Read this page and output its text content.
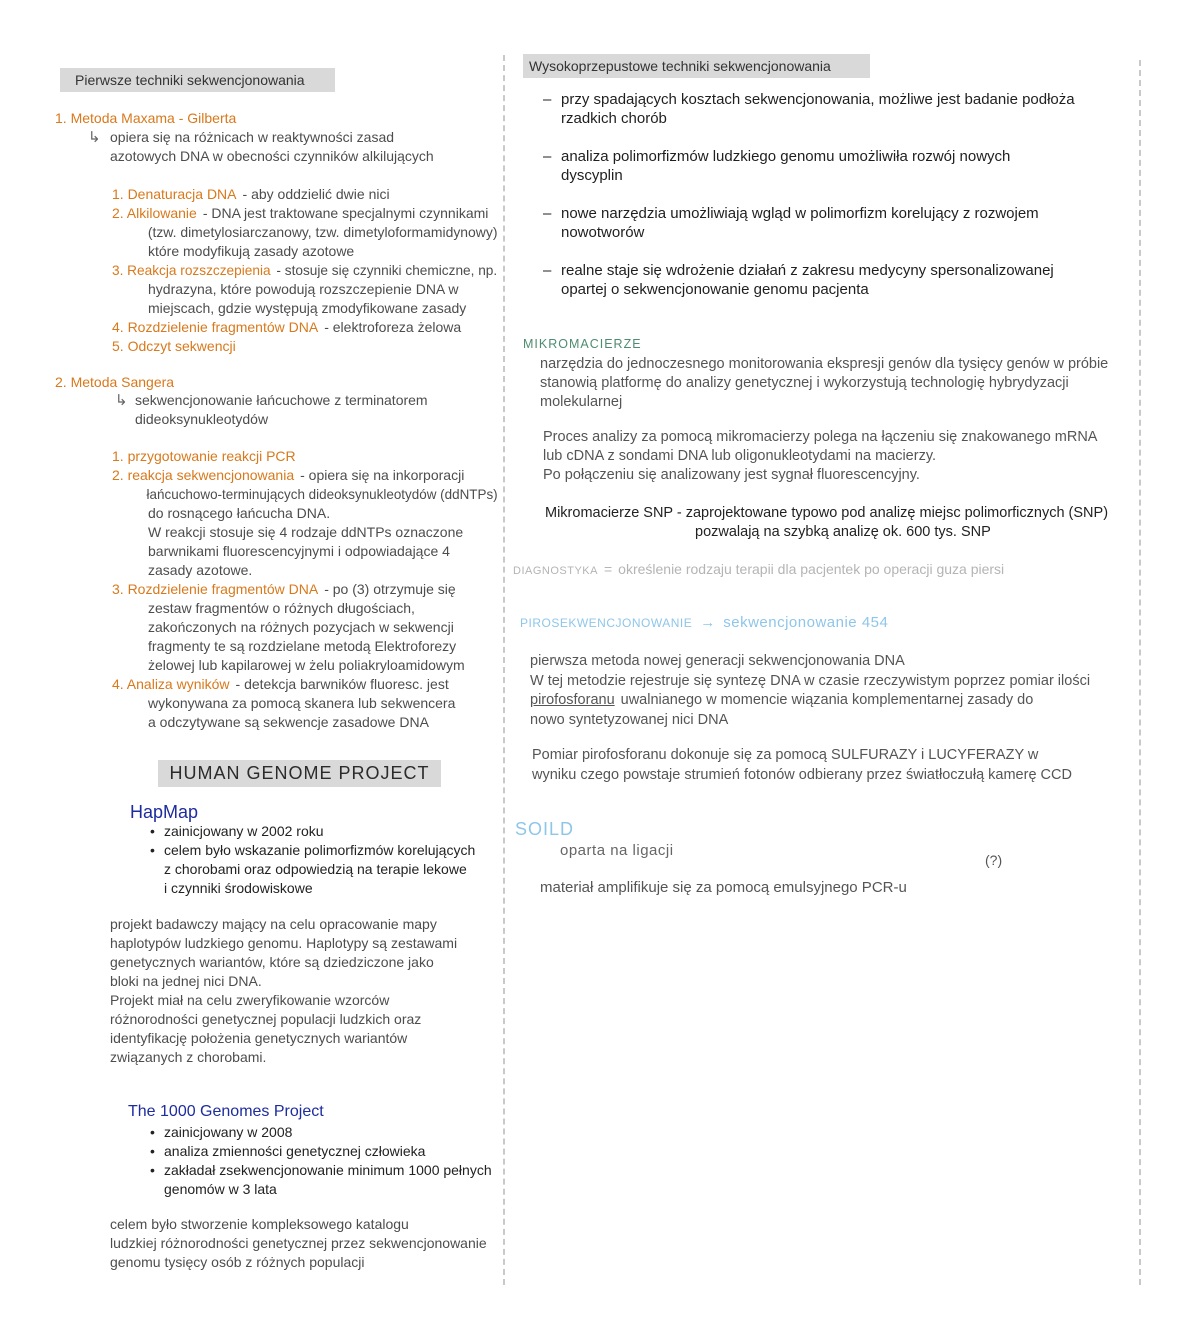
Pierwsze techniki sekwencjonowania
1. Metoda Maxama - Gilberta
↳ opiera się na różnicach w reaktywności zasad
azotowych DNA w obecności czynników alkilujących
1. Denaturacja DNA - aby oddzielić dwie nici
2. Alkilowanie - DNA jest traktowane specjalnymi czynnikami
(tzw. dimetylosiarczanowy, tzw. dimetyloformamidynowy)
które modyfikują zasady azotowe
3. Reakcja rozszczepienia - stosuje się czynniki chemiczne, np.
hydrazyna, które powodują rozszczepienie DNA w
miejscach, gdzie występują zmodyfikowane zasady
4. Rozdzielenie fragmentów DNA - elektroforeza żelowa
5. Odczyt sekwencji
2. Metoda Sangera
↳ sekwencjonowanie łańcuchowe z terminatorem
dideoksynukleotydów
1. przygotowanie reakcji PCR
2. reakcja sekwencjonowania - opiera się na inkorporacji
łańcuchowo-terminujących dideoksynukleotydów (ddNTPs)
do rosnącego łańcucha DNA.
W reakcji stosuje się 4 rodzaje ddNTPs oznaczone
barwnikami fluorescencyjnymi i odpowiadające 4
zasady azotowe.
3. Rozdzielenie fragmentów DNA - po (3) otrzymuje się
zestaw fragmentów o różnych długościach,
zakończonych na różnych pozycjach w sekwencji
fragmenty te są rozdzielane metodą Elektroforezy
żelowej lub kapilarowej w żelu poliakryloamidowym
4. Analiza wyników - detekcja barwników fluoresc. jest
wykonywana za pomocą skanera lub sekwencera
a odczytywane są sekwencje zasadowe DNA
HUMAN GENOME PROJECT
HapMap
• zainicjowany w 2002 roku
• celem było wskazanie polimorfizmów korelujących
z chorobami oraz odpowiedzią na terapie lekowe
i czynniki środowiskowe
projekt badawczy mający na celu opracowanie mapy
haplotypów ludzkiego genomu. Haplotypy są zestawami
genetycznych wariantów, które są dziedziczone jako
bloki na jednej nici DNA.
Projekt miał na celu zweryfikowanie wzorców
różnorodności genetycznej populacji ludzkich oraz
identyfikację położenia genetycznych wariantów
związanych z chorobami.
The 1000 Genomes Project
• zainicjowany w 2008
• analiza zmienności genetycznej człowieka
• zakładał zsekwencjonowanie minimum 1000 pełnych
genomów w 3 lata
celem było stworzenie kompleksowego katalogu
ludzkiej różnorodności genetycznej przez sekwencjonowanie
genomu tysięcy osób z różnych populacji
Wysokoprzepustowe techniki sekwencjonowania
– przy spadających kosztach sekwencjonowania, możliwe jest badanie podłoża
rzadkich chorób
– analiza polimorfizmów ludzkiego genomu umożliwiła rozwój nowych
dyscyplin
– nowe narzędzia umożliwiają wgląd w polimorfizm korelujący z rozwojem
nowotworów
– realne staje się wdrożenie działań z zakresu medycyny spersonalizowanej
opartej o sekwencjonowanie genomu pacjenta
MIKROMACIERZE
narzędzia do jednoczesnego monitorowania ekspresji genów dla tysięcy genów w próbie
stanowią platformę do analizy genetycznej i wykorzystują technologię hybrydyzacji
molekularnej
Proces analizy za pomocą mikromacierzy polega na łączeniu się znakowanego mRNA
lub cDNA z sondami DNA lub oligonukleotydami na macierzy.
Po połączeniu się analizowany jest sygnał fluorescencyjny.
Mikromacierze SNP - zaprojektowane typowo pod analizę miejsc polimorficznych (SNP)
pozwalają na szybką analizę ok. 600 tys. SNP
DIAGNOSTYKA = określenie rodzaju terapii dla pacjentek po operacji guza piersi
PIROSEKWENCJONOWANIE → sekwencjonowanie 454
pierwsza metoda nowej generacji sekwencjonowania DNA
W tej metodzie rejestruje się syntezę DNA w czasie rzeczywistym poprzez pomiar ilości
pirofosforanu uwalnianego w momencie wiązania komplementarnej zasady do
nowo syntetyzowanej nici DNA
Pomiar pirofosforanu dokonuje się za pomocą SULFURAZY i LUCYFERAZY w
wyniku czego powstaje strumień fotonów odbierany przez światłoczułą kamerę CCD
SOILD
oparta na ligacji
(?)
materiał amplifikuje się za pomocą emulsyjnego PCR-u
